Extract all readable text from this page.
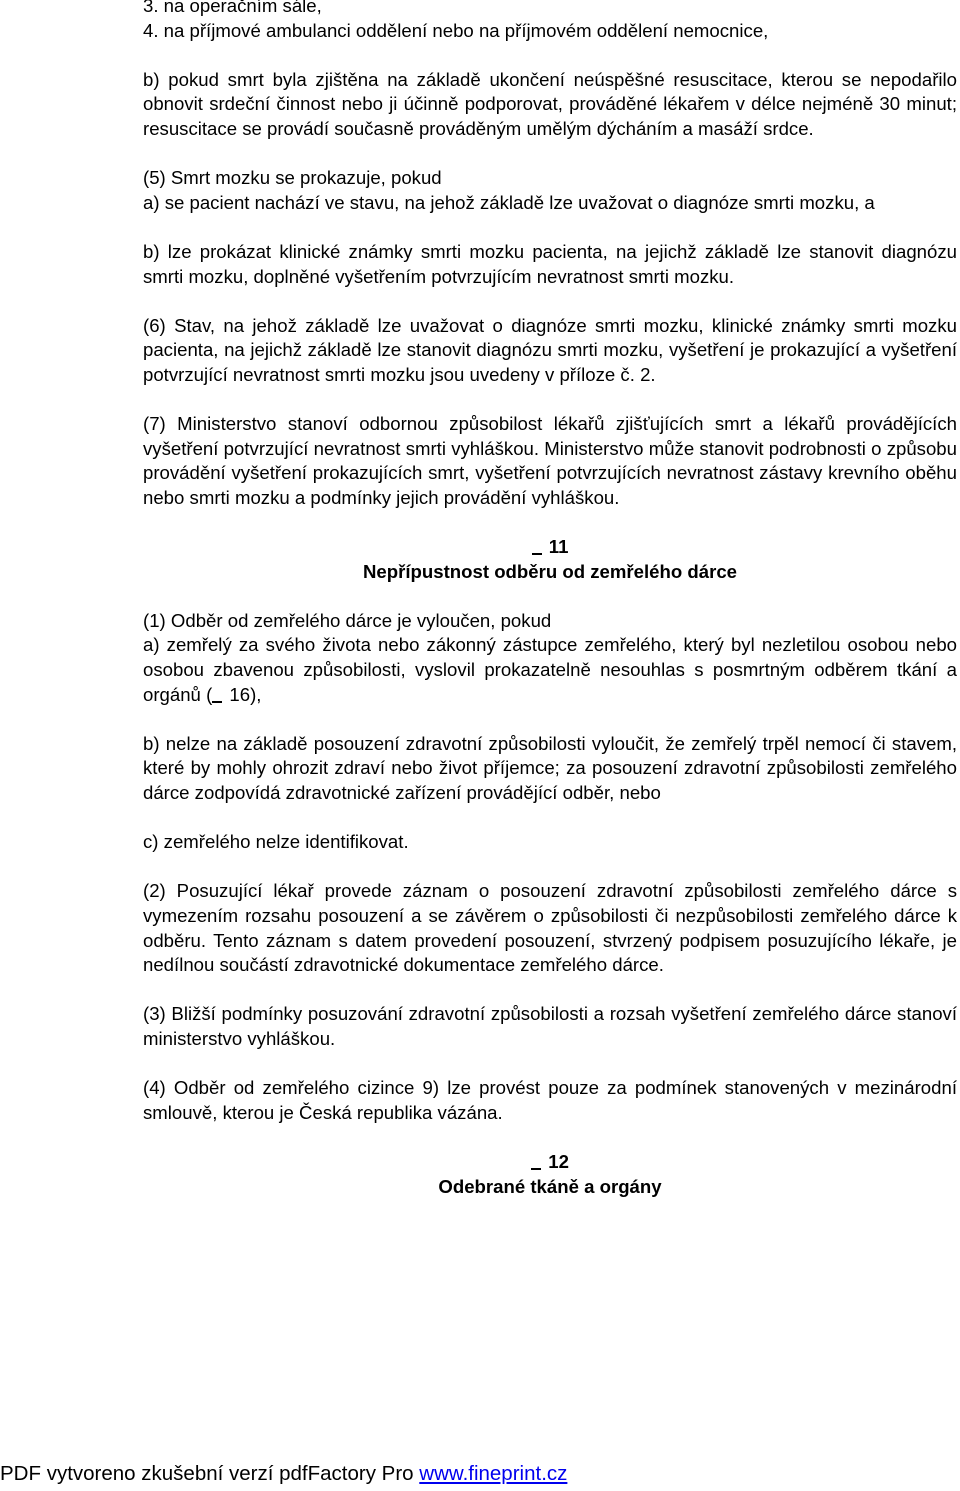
3. na operačním sále,

4. na příjmové ambulanci oddělení nebo na příjmovém oddělení nemocnice,

b) pokud smrt byla zjištěna na základě ukončení neúspěšné resuscitace, kterou se nepodařilo obnovit srdeční činnost nebo ji účinně podporovat, prováděné lékařem v délce nejméně 30 minut; resuscitace se provádí současně prováděným umělým dýcháním a masáží srdce.

(5) Smrt mozku se prokazuje, pokud

a) se pacient nachází ve stavu, na jehož základě lze uvažovat o diagnóze smrti mozku, a

b) lze prokázat klinické známky smrti mozku pacienta, na jejichž základě lze stanovit diagnózu smrti mozku, doplněné vyšetřením potvrzujícím nevratnost smrti mozku.

(6) Stav, na jehož základě lze uvažovat o diagnóze smrti mozku, klinické známky smrti mozku pacienta, na jejichž základě lze stanovit diagnózu smrti mozku, vyšetření je prokazující a vyšetření potvrzující nevratnost smrti mozku jsou uvedeny v příloze č. 2.

(7) Ministerstvo stanoví odbornou způsobilost lékařů zjišťujících smrt a lékařů provádějících vyšetření potvrzující nevratnost smrti vyhláškou. Ministerstvo může stanovit podrobnosti o způsobu provádění vyšetření prokazujících smrt, vyšetření potvrzujících nevratnost zástavy krevního oběhu nebo smrti mozku a podmínky jejich provádění vyhláškou.

11

Nepřípustnost odběru od zemřelého dárce

(1) Odběr od zemřelého dárce je vyloučen, pokud

a) zemřelý za svého života nebo zákonný zástupce zemřelého, který byl nezletilou osobou nebo osobou zbavenou způsobilosti, vyslovil prokazatelně nesouhlas s posmrtným odběrem tkání a orgánů ( 16),

b) nelze na základě posouzení zdravotní způsobilosti vyloučit, že zemřelý trpěl nemocí či stavem, které by mohly ohrozit zdraví nebo život příjemce; za posouzení zdravotní způsobilosti zemřelého dárce zodpovídá zdravotnické zařízení provádějící odběr, nebo

c) zemřelého nelze identifikovat.

(2) Posuzující lékař provede záznam o posouzení zdravotní způsobilosti zemřelého dárce s vymezením rozsahu posouzení a se závěrem o způsobilosti či nezpůsobilosti zemřelého dárce k odběru. Tento záznam s datem provedení posouzení, stvrzený podpisem posuzujícího lékaře, je nedílnou součástí zdravotnické dokumentace zemřelého dárce.

(3) Bližší podmínky posuzování zdravotní způsobilosti a rozsah vyšetření zemřelého dárce stanoví ministerstvo vyhláškou.

(4) Odběr od zemřelého cizince 9) lze provést pouze za podmínek stanovených v mezinárodní smlouvě, kterou je Česká republika vázána.

12

Odebrané tkáně a orgány

PDF vytvoreno zkušební verzí pdfFactory Pro www.fineprint.cz
